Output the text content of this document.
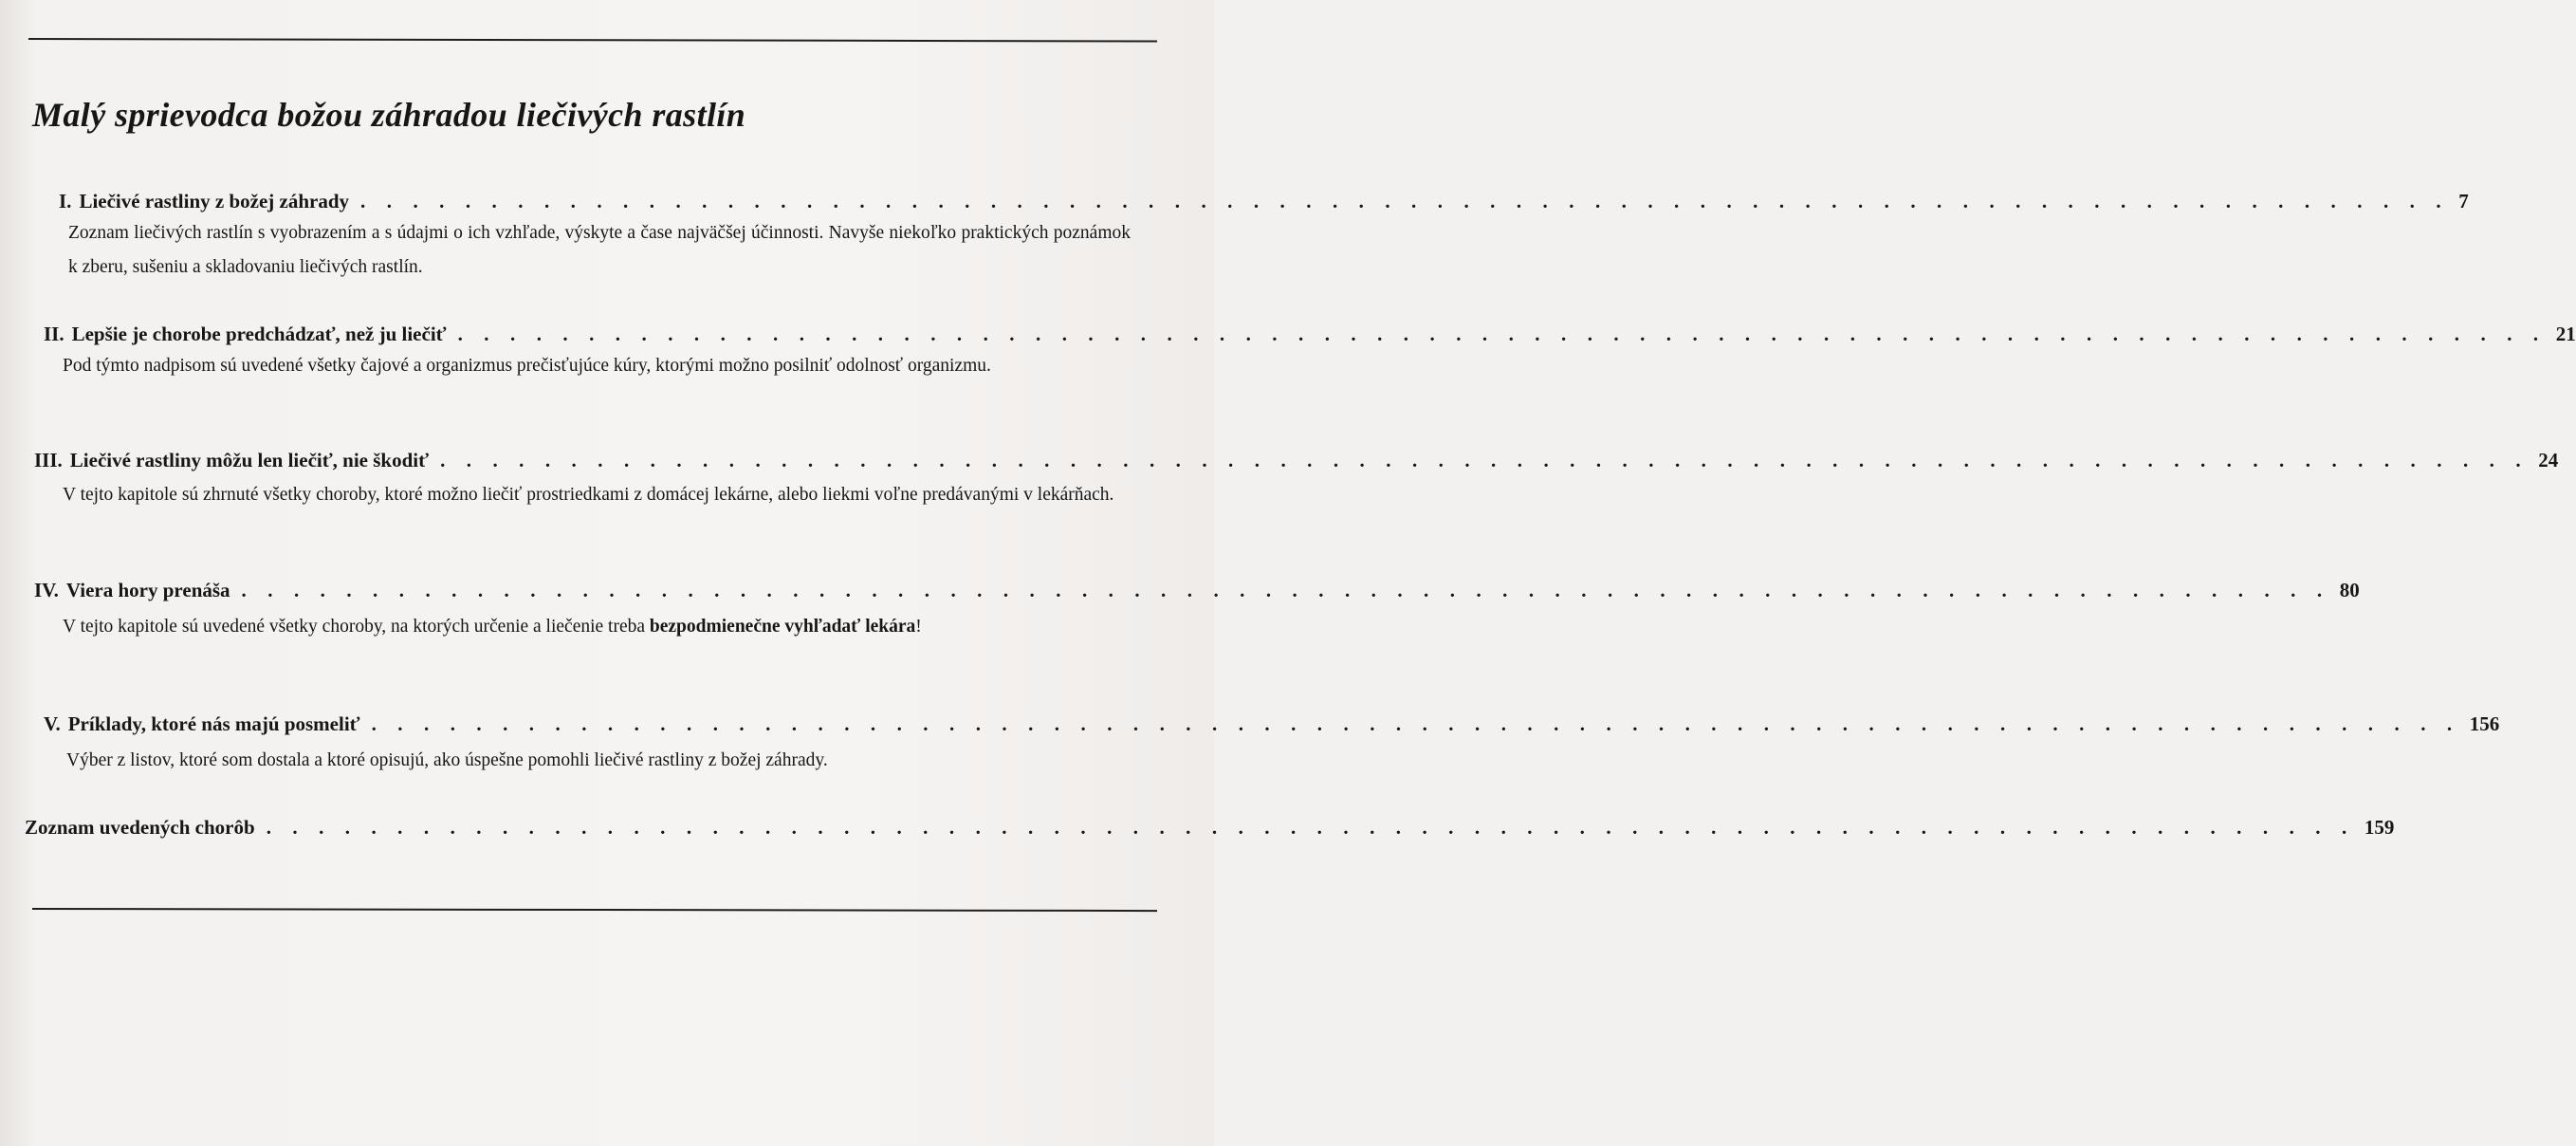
Malý sprievodca božou záhradou liečivých rastlín
I. Liečivé rastliny z božej záhrady . . . . . . . . . . . . . . . . . . . . . . . . . . . . . . . . . . . . . . . . . . . . . . . . . . . . . . . . . . . . . . . . . . . . . . . . . . . . . . . . 7

Zoznam liečivých rastlín s vyobrazením a s údajmi o ich vzhľade, výskyte a čase najväčšej účinnosti. Navyše niekoľko praktických poznámok k zberu, sušeniu a skladovaniu liečivých rastlín.

II. Lepšie je chorobe predchádzať, než ju liečiť . . . . . . . . . . . . . . . . . . . . . . . . . . . . . . . . . . . . . . . . . . . . . . . . . . . . . . . . . . . . . . . . . . . . . . . . . . . . . . . . 21

Pod týmto nadpisom sú uvedené všetky čajové a organizmus prečisťujúce kúry, ktorými možno posilniť odolnosť organizmu.

III. Liečivé rastliny môžu len liečiť, nie škodiť . . . . . . . . . . . . . . . . . . . . . . . . . . . . . . . . . . . . . . . . . . . . . . . . . . . . . . . . . . . . . . . . . . . . . . . . . . . . . . . . 24

V tejto kapitole sú zhrnuté všetky choroby, ktoré možno liečiť prostriedkami z domácej lekárne, alebo liekmi voľne predávanými v lekárňach.

IV. Viera hory prenáša . . . . . . . . . . . . . . . . . . . . . . . . . . . . . . . . . . . . . . . . . . . . . . . . . . . . . . . . . . . . . . . . . . . . . . . . . . . . . . . . 80

V tejto kapitole sú uvedené všetky choroby, na ktorých určenie a liečenie treba bezpodmienečne vyhľadať lekára!

V. Príklady, ktoré nás majú posmeliť . . . . . . . . . . . . . . . . . . . . . . . . . . . . . . . . . . . . . . . . . . . . . . . . . . . . . . . . . . . . . . . . . . . . . . . . . . . . . . . . 156

Výber z listov, ktoré som dostala a ktoré opisujú, ako úspešne pomohli liečivé rastliny z božej záhrady.

Zoznam uvedených chorôb . . . . . . . . . . . . . . . . . . . . . . . . . . . . . . . . . . . . . . . . . . . . . . . . . . . . . . . . . . . . . . . . . . . . . . . . . . . . . . . . 159
